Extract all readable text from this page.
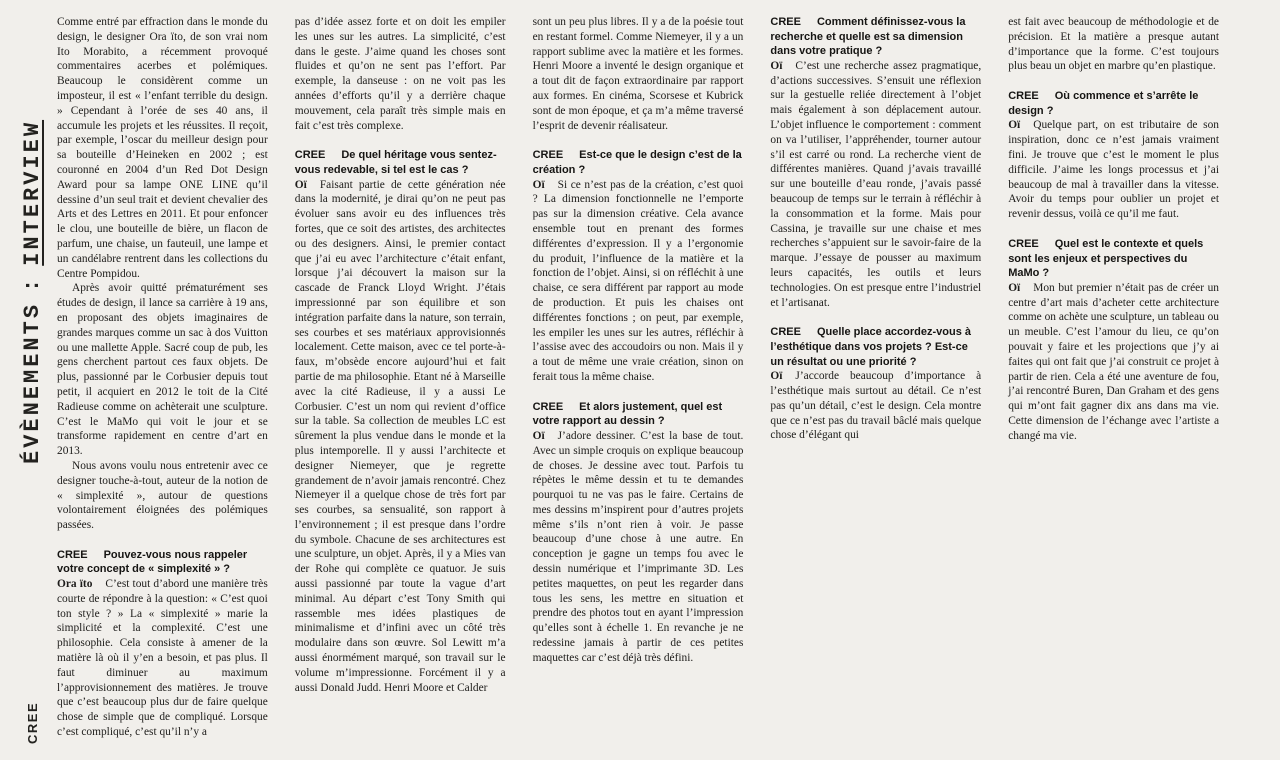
ÉVÈNEMENTS:INTERVIEW
CREE

Comme entré par effraction dans le monde du design, le designer Ora ïto, de son vrai nom Ito Morabito, a récemment provoqué commentaires acerbes et polémiques. Beaucoup le considèrent comme un imposteur, il est « l’enfant terrible du design. » Cependant à l’orée de ses 40 ans, il accumule les projets et les réussites. Il reçoit, par exemple, l’oscar du meilleur design pour sa bouteille d’Heineken en 2002 ; est couronné en 2004 d’un Red Dot Design Award pour sa lampe ONE LINE qu’il dessine d’un seul trait et devient chevalier des Arts et des Lettres en 2011. Et pour enfoncer le clou, une bouteille de bière, un flacon de parfum, une chaise, un fauteuil, une lampe et un candélabre rentrent dans les collections du Centre Pompidou.

Après avoir quitté prématurément ses études de design, il lance sa carrière à 19 ans, en proposant des objets imaginaires de grandes marques comme un sac à dos Vuitton ou une mallette Apple. Sacré coup de pub, les gens cherchent partout ces faux objets. De plus, passionné par le Corbusier depuis tout petit, il acquiert en 2012 le toit de la Cité Radieuse comme on achèterait une sculpture. C’est le MaMo qui voit le jour et se transforme rapidement en centre d’art en 2013.

Nous avons voulu nous entretenir avec ce designer touche-à-tout, auteur de la notion de « simplexité », autour de questions volontairement éloignées des polémiques passées.

CREE Pouvez-vous nous rappeler votre concept de « simplexité » ?

Ora ïto C’est tout d’abord une manière très courte de répondre à la question: « C’est quoi ton style ? » La « simplexité » marie la simplicité et la complexité. C’est une philosophie. Cela consiste à amener de la matière là où il y’en a besoin, et pas plus. Il faut diminuer au maximum l’approvisionnement des matières. Je trouve que c’est beaucoup plus dur de faire quelque chose de simple que de compliqué. Lorsque c’est compliqué, c’est qu’il n’y a

pas d’idée assez forte et on doit les empiler les unes sur les autres. La simplicité, c’est dans le geste. J’aime quand les choses sont fluides et qu’on ne sent pas l’effort. Par exemple, la danseuse : on ne voit pas les années d’efforts qu’il y a derrière chaque mouvement, cela paraît très simple mais en fait c’est très complexe.

CREE De quel héritage vous sentez-vous redevable, si tel est le cas ?

Oï Faisant partie de cette génération née dans la modernité, je dirai qu’on ne peut pas évoluer sans avoir eu des influences très fortes, que ce soit des artistes, des architectes ou des designers. Ainsi, le premier contact que j’ai eu avec l’architecture c’était enfant, lorsque j’ai découvert la maison sur la cascade de Franck Lloyd Wright. J’étais impressionné par son équilibre et son intégration parfaite dans la nature, son terrain, ses courbes et ses matériaux approvisionnés localement. Cette maison, avec ce tel porte-à-faux, m’obsède encore aujourd’hui et fait partie de ma philosophie. Etant né à Marseille avec la cité Radieuse, il y a aussi Le Corbusier. C’est un nom qui revient d’office sur la table. Sa collection de meubles LC est sûrement la plus vendue dans le monde et la plus intemporelle. Il y aussi l’architecte et designer Niemeyer, que je regrette grandement de n’avoir jamais rencontré. Chez Niemeyer il a quelque chose de très fort par ses courbes, sa sensualité, son rapport à l’environnement ; il est presque dans l’ordre du symbole. Chacune de ses architectures est une sculpture, un objet. Après, il y a Mies van der Rohe qui complète ce quatuor. Je suis aussi passionné par toute la vague d’art minimal. Au départ c’est Tony Smith qui rassemble mes idées plastiques de minimalisme et d’infini avec un côté très modulaire dans son œuvre. Sol Lewitt m’a aussi énormément marqué, son travail sur le volume m’impressionne. Forcément il y a aussi Donald Judd. Henri Moore et Calder

sont un peu plus libres. Il y a de la poésie tout en restant formel. Comme Niemeyer, il y a un rapport sublime avec la matière et les formes. Henri Moore a inventé le design organique et a tout dit de façon extraordinaire par rapport aux formes. En cinéma, Scorsese et Kubrick sont de mon époque, et ça m’a même traversé l’esprit de devenir réalisateur.

CREE Est-ce que le design c’est de la création ?

Oï Si ce n’est pas de la création, c’est quoi ? La dimension fonctionnelle ne l’emporte pas sur la dimension créative. Cela avance ensemble tout en prenant des formes différentes d’expression. Il y a l’ergonomie du produit, l’influence de la matière et la fonction de l’objet. Ainsi, si on réfléchit à une chaise, ce sera différent par rapport au mode de production. Et puis les chaises ont différentes fonctions ; on peut, par exemple, les empiler les unes sur les autres, réfléchir à l’assise avec des accoudoirs ou non. Mais il y a tout de même une vraie création, sinon on ferait tous la même chaise.

CREE Et alors justement, quel est votre rapport au dessin ?

Oï J’adore dessiner. C’est la base de tout. Avec un simple croquis on explique beaucoup de choses. Je dessine avec tout. Parfois tu répètes le même dessin et tu te demandes pourquoi tu ne vas pas le faire. Certains de mes dessins m’inspirent pour d’autres projets même s’ils n’ont rien à voir. Je passe beaucoup d’une chose à une autre. En conception je gagne un temps fou avec le dessin numérique et l’imprimante 3D. Les petites maquettes, on peut les regarder dans tous les sens, les mettre en situation et prendre des photos tout en ayant l’impression qu’elles sont à échelle 1. En revanche je ne redessine jamais à partir de ces petites maquettes car c’est déjà très défini.

CREE Comment définissez-vous la recherche et quelle est sa dimension dans votre pratique ?

Oï C’est une recherche assez pragmatique, d’actions successives. S’ensuit une réflexion sur la gestuelle reliée directement à l’objet mais également à son déplacement autour. L’objet influence le comportement : comment on va l’utiliser, l’appréhender, tourner autour s’il est carré ou rond. La recherche vient de différentes manières. Quand j’avais travaillé sur une bouteille d’eau ronde, j’avais passé beaucoup de temps sur le terrain à réfléchir à la consommation et la forme. Mais pour Cassina, je travaille sur une chaise et mes recherches s’appuient sur le savoir-faire de la marque. J’essaye de pousser au maximum leurs capacités, les outils et leurs technologies. On est presque entre l’industriel et l’artisanat.

CREE Quelle place accordez-vous à l’esthétique dans vos projets ? Est-ce un résultat ou une priorité ?

Oï J’accorde beaucoup d’importance à l’esthétique mais surtout au détail. Ce n’est pas qu’un détail, c’est le design. Cela montre que ce n’est pas du travail bâclé mais quelque chose d’élégant qui

est fait avec beaucoup de méthodologie et de précision. Et la matière a presque autant d’importance que la forme. C’est toujours plus beau un objet en marbre qu’en plastique.

CREE Où commence et s’arrête le design ?

Oï Quelque part, on est tributaire de son inspiration, donc ce n’est jamais vraiment fini. Je trouve que c’est le moment le plus difficile. J’aime les longs processus et j’ai beaucoup de mal à travailler dans la vitesse. Avoir du temps pour oublier un projet et revenir dessus, voilà ce qu’il me faut.

CREE Quel est le contexte et quels sont les enjeux et perspectives du MaMo ?

Oï Mon but premier n’était pas de créer un centre d’art mais d’acheter cette architecture comme on achète une sculpture, un tableau ou un meuble. C’est l’amour du lieu, ce qu’on pouvait y faire et les projections que j’y ai faites qui ont fait que j’ai construit ce projet à partir de rien. Cela a été une aventure de fou, j’ai rencontré Buren, Dan Graham et des gens qui m’ont fait gagner dix ans dans ma vie. Cette dimension de l’échange avec l’artiste a changé ma vie.
